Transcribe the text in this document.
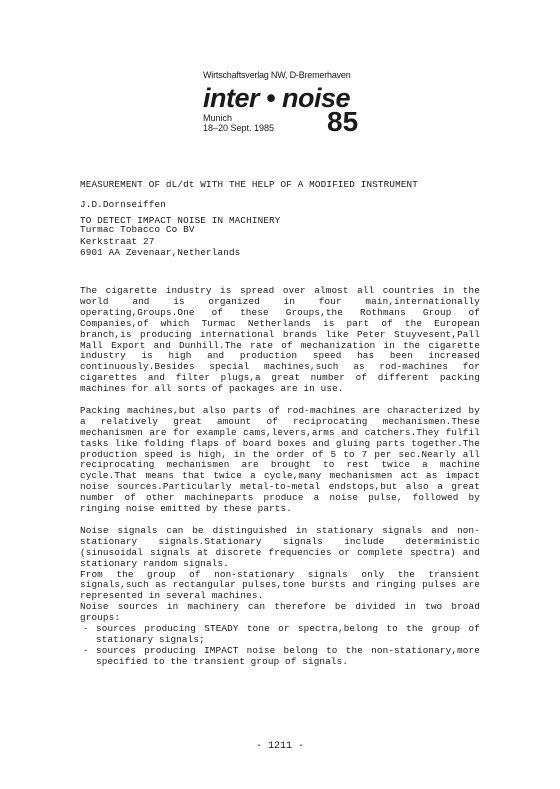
Wirtschaftsverlag NW, D-Bremerhaven

inter • noise
Munich
18–20 Sept. 1985 85

MEASUREMENT OF dL/dt WITH THE HELP OF A MODIFIED INSTRUMENT

TO DETECT IMPACT NOISE IN MACHINERY

J.D.Dornseiffen

Turmac Tobacco Co BV
Kerkstraat 27
6901 AA Zevenaar,Netherlands

The cigarette industry is spread over almost all countries in the world and is organized in four main,internationally operating,Groups.One of these Groups,the Rothmans Group of Companies,of which Turmac Netherlands is part of the European branch,is producing international brands like Peter Stuyvesent,Pall Mall Export and Dunhill.The rate of mechanization in the cigarette industry is high and production speed has been increased continuously.Besides special machines,such as rod-machines for cigarettes and filter plugs,a great number of different packing machines for all sorts of packages are in use.

Packing machines,but also parts of rod-machines are characterized by a relatively great amount of reciprocating mechanismen.These mechanismen are for example cams,levers,arms and catchers.They fulfil tasks like folding flaps of board boxes and gluing parts together.The production speed is high, in the order of 5 to 7 per sec.Nearly all reciprocating mechanismen are brought to rest twice a machine cycle.That means that twice a cycle,many mechanismen act as impact noise sources.Particularly metal-to-metal endstops,but also a great number of other machineparts produce a noise pulse, followed by ringing noise emitted by these parts.

Noise signals can be distinguished in stationary signals and non-stationary signals.Stationary signals include deterministic (sinusoidal signals at discrete frequencies or complete spectra) and stationary random signals.

From the group of non-stationary signals only the transient signals,such as rectangular pulses,tone bursts and ringing pulses are represented in several machines.

Noise sources in machinery can therefore be divided in two broad groups:

- sources producing STEADY tone or spectra,belong to the group of stationary signals;
- sources producing IMPACT noise belong to the non-stationary,more specified to the transient group of signals.
- 1211 -
